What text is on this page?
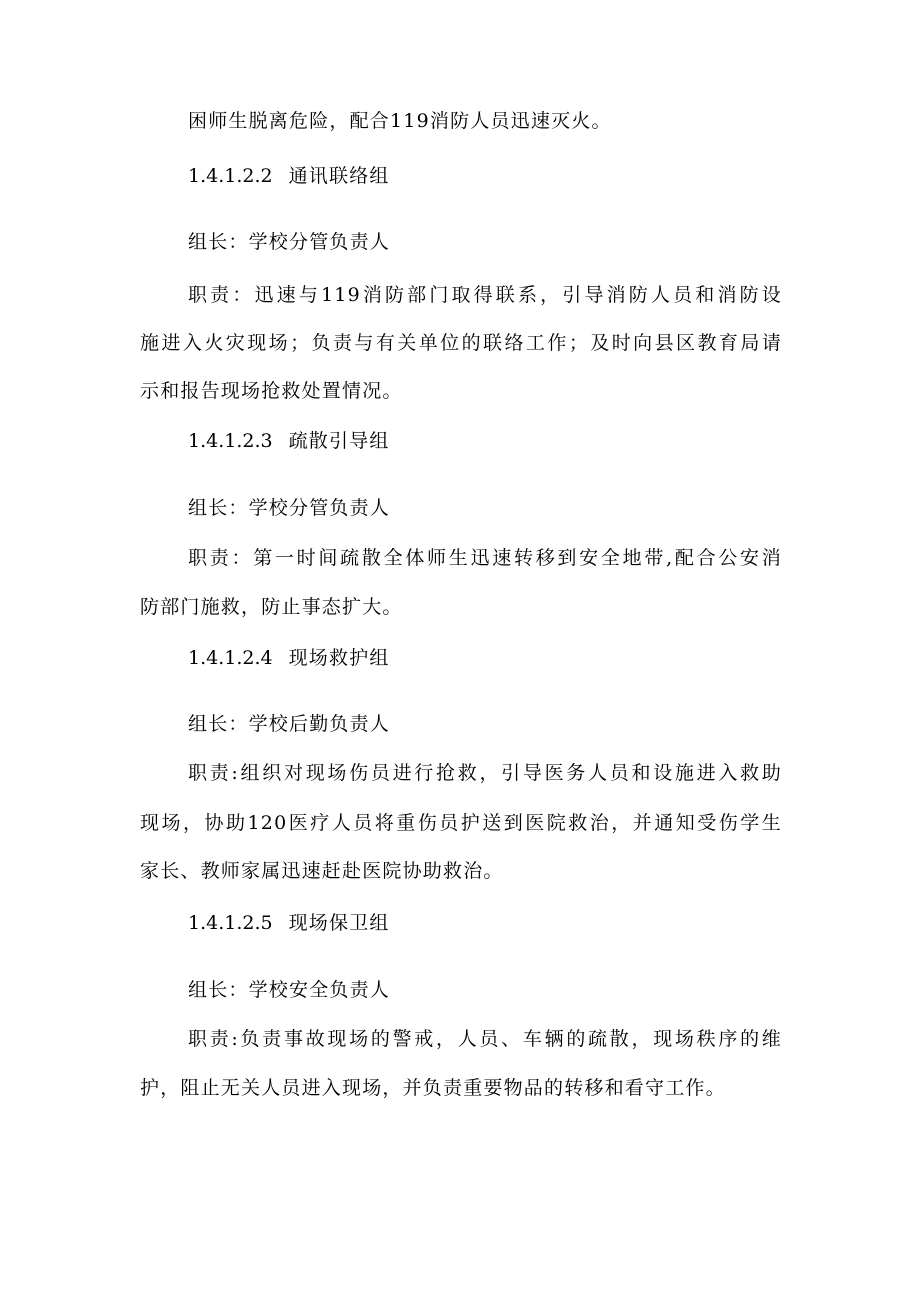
困师生脱离危险，配合119消防人员迅速灭火。
1.4.1.2.2 通讯联络组
组长：学校分管负责人
职责：迅速与119消防部门取得联系，引导消防人员和消防设
施进入火灾现场；负责与有关单位的联络工作；及时向县区教育局请
示和报告现场抢救处置情况。
1.4.1.2.3 疏散引导组
组长：学校分管负责人
职责：第一时间疏散全体师生迅速转移到安全地带,配合公安消
防部门施救，防止事态扩大。
1.4.1.2.4 现场救护组
组长：学校后勤负责人
职责:组织对现场伤员进行抢救，引导医务人员和设施进入救助
现场，协助120医疗人员将重伤员护送到医院救治，并通知受伤学生
家长、教师家属迅速赶赴医院协助救治。
1.4.1.2.5 现场保卫组
组长：学校安全负责人
职责:负责事故现场的警戒，人员、车辆的疏散，现场秩序的维
护，阻止无关人员进入现场，并负责重要物品的转移和看守工作。
